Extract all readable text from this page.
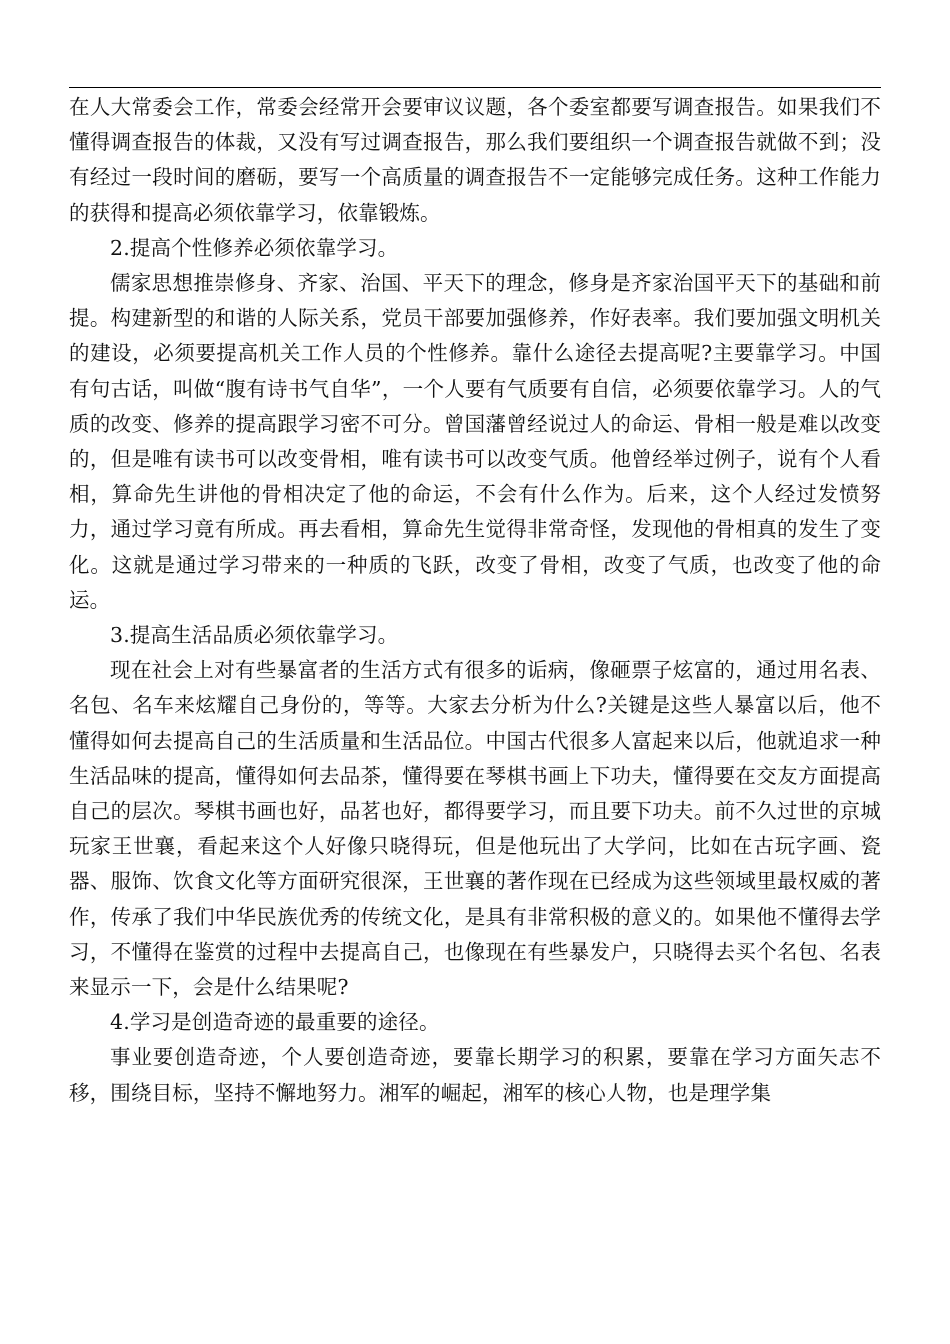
在人大常委会工作，常委会经常开会要审议议题，各个委室都要写调查报告。如果我们不懂得调查报告的体裁，又没有写过调查报告，那么我们要组织一个调查报告就做不到；没有经过一段时间的磨砺，要写一个高质量的调查报告不一定能够完成任务。这种工作能力的获得和提高必须依靠学习，依靠锻炼。

2.提高个性修养必须依靠学习。

儒家思想推崇修身、齐家、治国、平天下的理念，修身是齐家治国平天下的基础和前提。构建新型的和谐的人际关系，党员干部要加强修养，作好表率。我们要加强文明机关的建设，必须要提高机关工作人员的个性修养。靠什么途径去提高呢?主要靠学习。中国有句古话，叫做“腹有诗书气自华”，一个人要有气质要有自信，必须要依靠学习。人的气质的改变、修养的提高跟学习密不可分。曾国藩曾经说过人的命运、骨相一般是难以改变的，但是唯有读书可以改变骨相，唯有读书可以改变气质。他曾经举过例子，说有个人看相，算命先生讲他的骨相决定了他的命运，不会有什么作为。后来，这个人经过发愤努力，通过学习竟有所成。再去看相，算命先生觉得非常奇怪，发现他的骨相真的发生了变化。这就是通过学习带来的一种质的飞跃，改变了骨相，改变了气质，也改变了他的命运。

3.提高生活品质必须依靠学习。

现在社会上对有些暴富者的生活方式有很多的诟病，像砸票子炫富的，通过用名表、名包、名车来炫耀自己身份的，等等。大家去分析为什么?关键是这些人暴富以后，他不懂得如何去提高自己的生活质量和生活品位。中国古代很多人富起来以后，他就追求一种生活品味的提高，懂得如何去品茶，懂得要在琴棋书画上下功夫，懂得要在交友方面提高自己的层次。琴棋书画也好，品茗也好，都得要学习，而且要下功夫。前不久过世的京城玩家王世襄，看起来这个人好像只晓得玩，但是他玩出了大学问，比如在古玩字画、瓷器、服饰、饮食文化等方面研究很深，王世襄的著作现在已经成为这些领域里最权威的著作，传承了我们中华民族优秀的传统文化，是具有非常积极的意义的。如果他不懂得去学习，不懂得在鉴赏的过程中去提高自己，也像现在有些暴发户，只晓得去买个名包、名表来显示一下，会是什么结果呢?

4.学习是创造奇迹的最重要的途径。

事业要创造奇迹，个人要创造奇迹，要靠长期学习的积累，要靠在学习方面矢志不移，围绕目标，坚持不懈地努力。湘军的崛起，湘军的核心人物，也是理学集
